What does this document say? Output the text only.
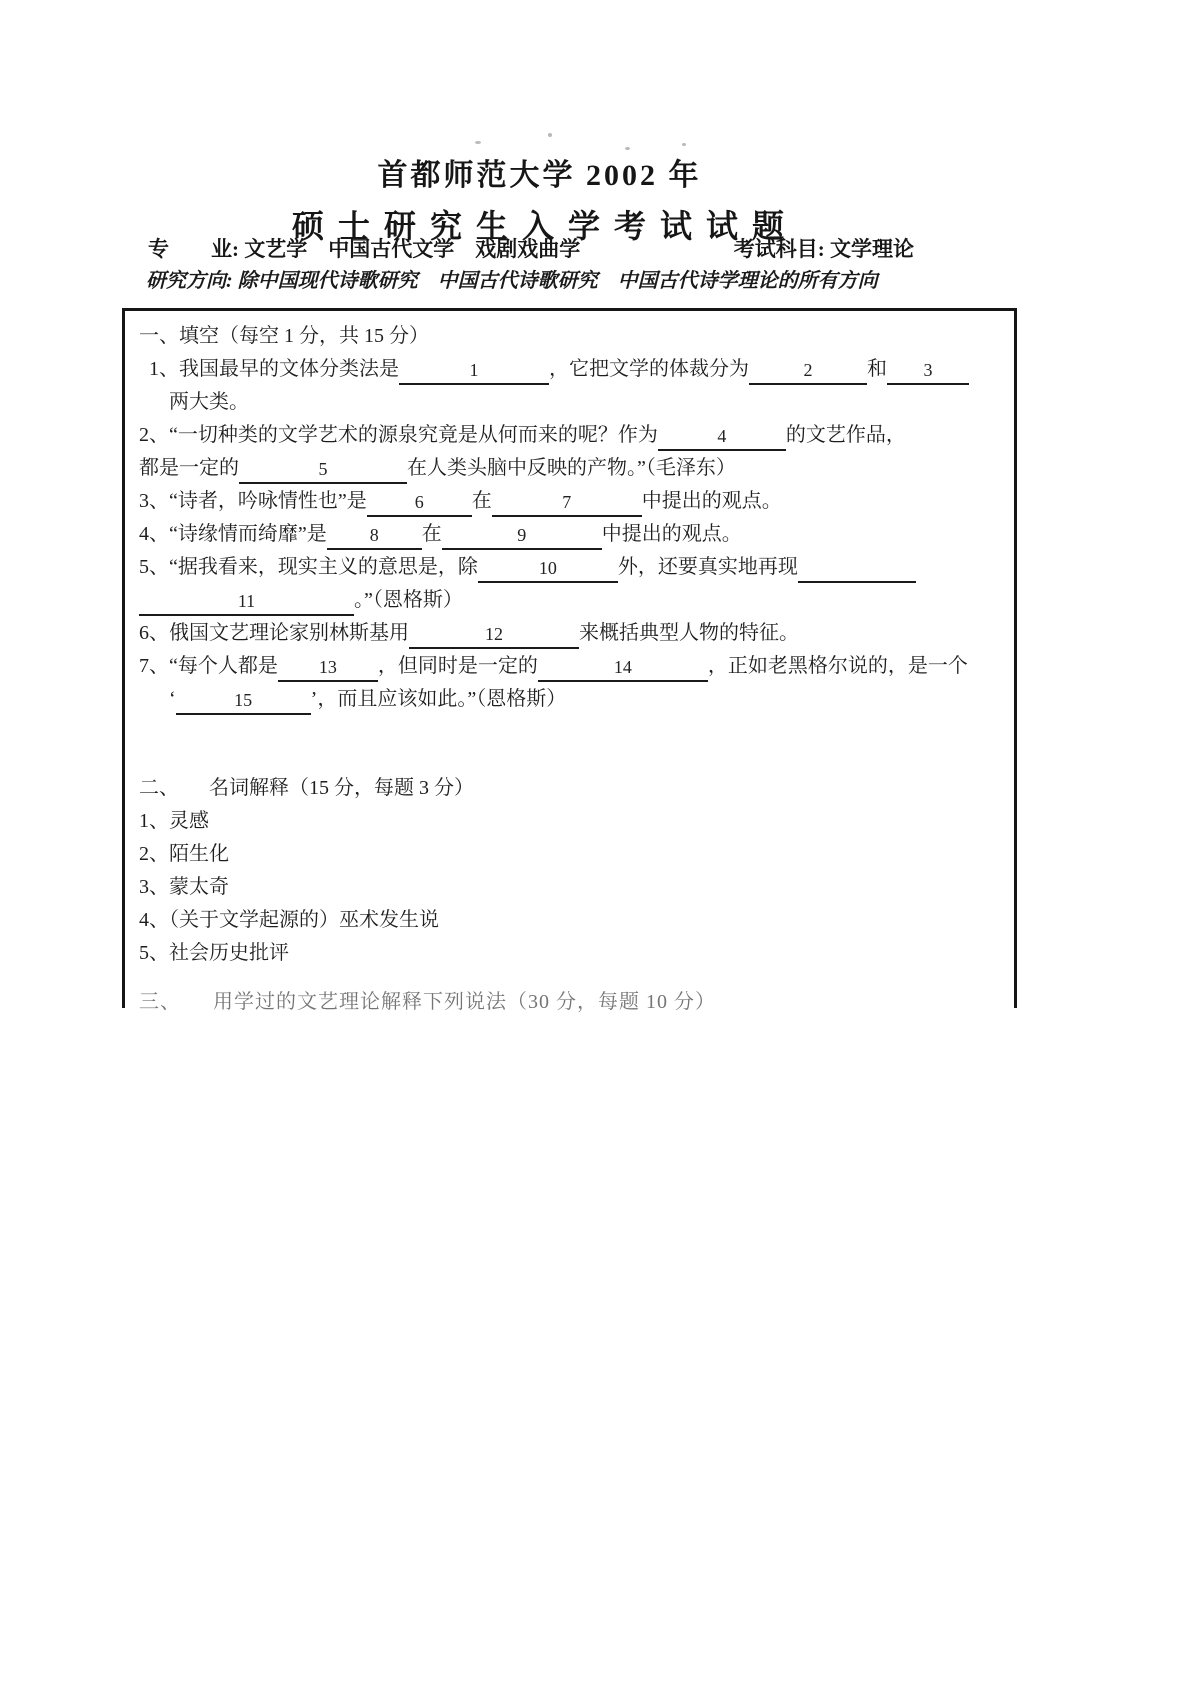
首都师范大学 2002 年
硕 士 研 究 生 入 学 考 试 试 题
专　　业: 文艺学　中国古代文学　戏剧戏曲学	考试科目: 文学理论
研究方向: 除中国现代诗歌研究　中国古代诗歌研究　中国古代诗学理论的所有方向
一、填空（每空 1 分，共 15 分）
1、我国最早的文体分类法是	1	，它把文学的体裁分为	2	和 3
两大类。
2、“一切种类的文学艺术的源泉究竟是从何而来的呢？作为	4	的文艺作品，
都是一定的	5	在人类头脑中反映的产物。”（毛泽东）
3、“诗者，吟咏情性也”是	6 在	7	中提出的观点。
4、“诗缘情而绮靡”是 8 在	9	中提出的观点。
5、“据我看来，现实主义的意思是，除	10	外，还要真实地再现
11	。”（恩格斯）
6、俄国文艺理论家别林斯基用	12	来概括典型人物的特征。
7、“每个人都是 13 ，但同时是一定的	14	，正如老黑格尔说的，是一个
‘	15	’，而且应该如此。”（恩格斯）
二、　　名词解释（15 分，每题 3 分）
1、灵感
2、陌生化
3、蒙太奇
4、（关于文学起源的）巫术发生说
5、社会历史批评
三、　　用学过的文艺理论解释下列说法（30 分，每题 10 分）
